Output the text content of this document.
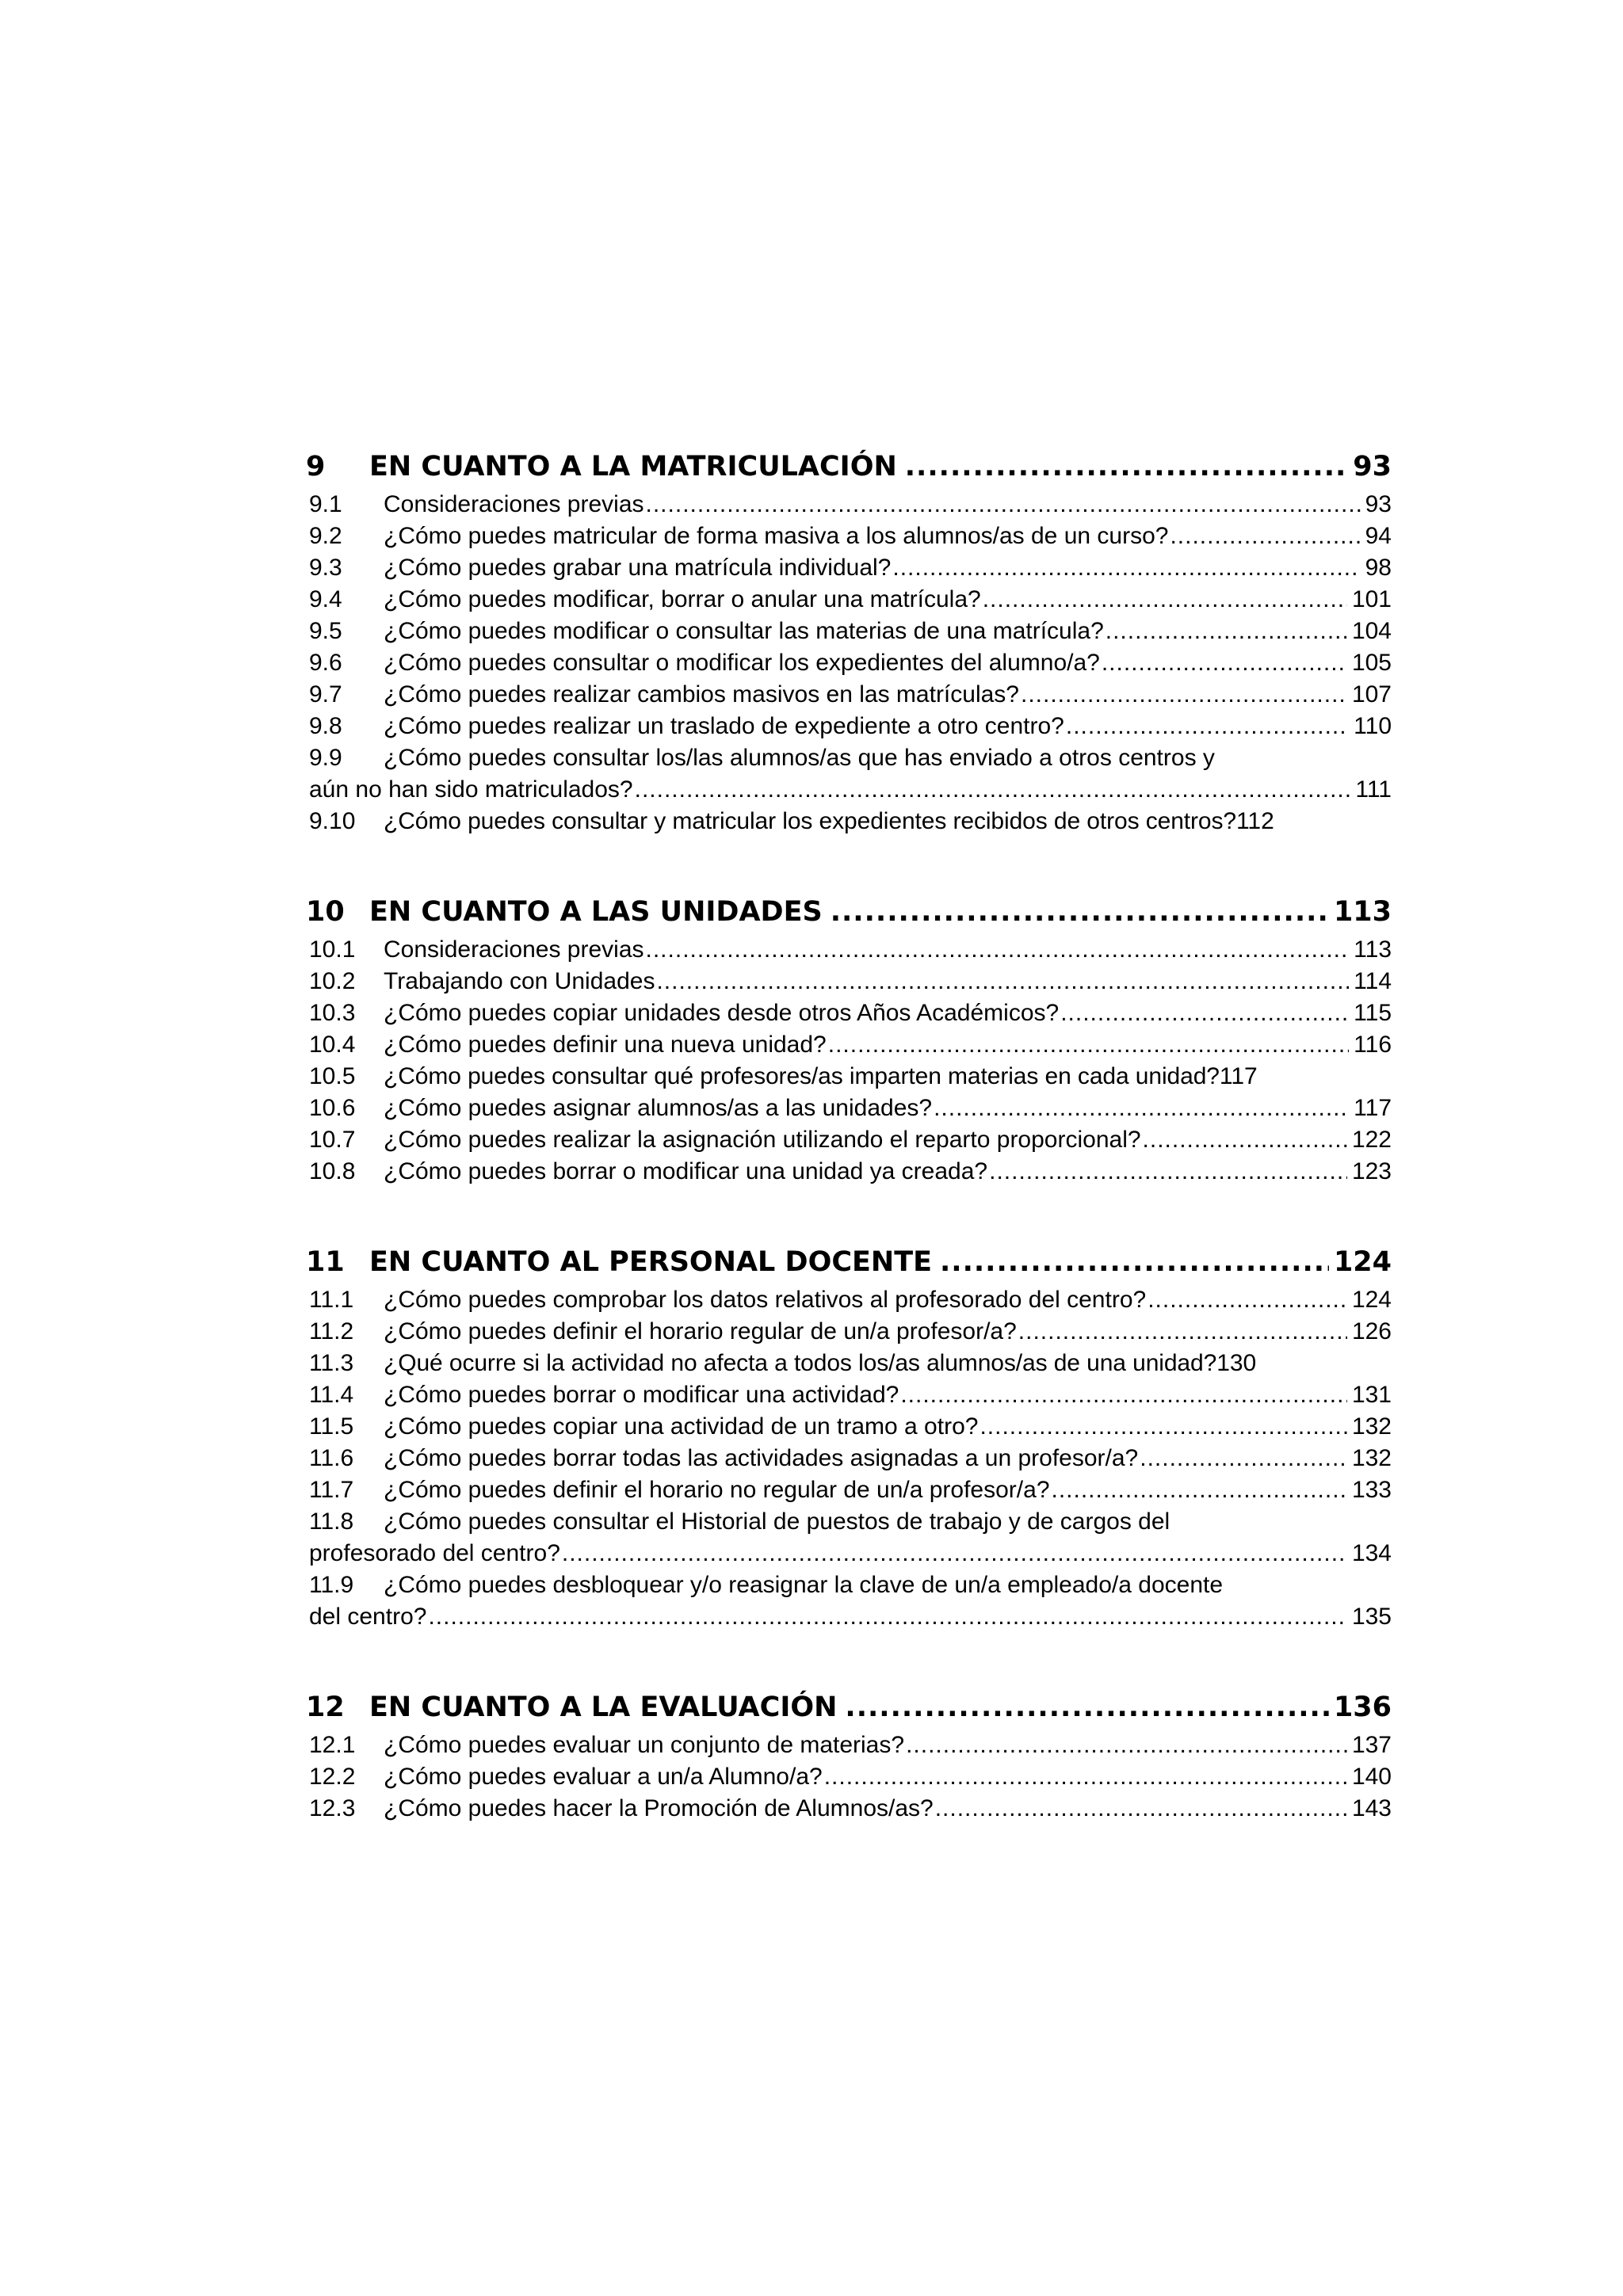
9	EN CUANTO A LA MATRICULACIÓN .....	93
9.1	Consideraciones previas .....	93
9.2	¿Cómo puedes matricular de forma masiva a los alumnos/as de un curso? .....	94
9.3	¿Cómo puedes grabar una matrícula individual? .....	98
9.4	¿Cómo puedes modificar, borrar o anular una matrícula? .....	101
9.5	¿Cómo puedes modificar o consultar las materias de una matrícula? .....	104
9.6	¿Cómo puedes consultar o modificar los expedientes del alumno/a? .....	105
9.7	¿Cómo puedes realizar cambios masivos en las matrículas? .....	107
9.8	¿Cómo puedes realizar un traslado de expediente a otro centro? .....	110
9.9	¿Cómo puedes consultar los/las alumnos/as que has enviado a otros centros y
aún no han sido matriculados? .....	111
9.10	¿Cómo puedes consultar y matricular los expedientes recibidos de otros centros? 112
10 EN CUANTO A LAS UNIDADES .....	113
10.1	Consideraciones previas .....	113
10.2	Trabajando con Unidades .....	114
10.3	¿Cómo puedes copiar unidades desde otros Años Académicos? .....	115
10.4	¿Cómo puedes definir una nueva unidad? .....	116
10.5	¿Cómo puedes consultar qué profesores/as imparten materias en cada unidad? 117
10.6	¿Cómo puedes asignar alumnos/as a las unidades? .....	117
10.7	¿Cómo puedes realizar la asignación utilizando el reparto proporcional? .....	122
10.8	¿Cómo puedes borrar o modificar una unidad ya creada? .....	123
11 EN CUANTO AL PERSONAL DOCENTE .....	124
11.1	¿Cómo puedes comprobar los datos relativos al profesorado del centro? .....	124
11.2	¿Cómo puedes definir el horario regular de un/a profesor/a? .....	126
11.3	¿Qué ocurre si la actividad no afecta a todos los/as alumnos/as de una unidad? 130
11.4	¿Cómo puedes borrar o modificar una actividad? .....	131
11.5	¿Cómo puedes copiar una actividad de un tramo a otro? .....	132
11.6	¿Cómo puedes borrar todas las actividades asignadas a un profesor/a? .....	132
11.7	¿Cómo puedes definir el horario no regular de un/a profesor/a? .....	133
11.8	¿Cómo puedes consultar el Historial de puestos de trabajo y de cargos del
profesorado del centro? .....	134
11.9	¿Cómo puedes desbloquear y/o reasignar la clave de un/a empleado/a docente
del centro? .....	135
12 EN CUANTO A LA EVALUACIÓN .....	136
12.1	¿Cómo puedes evaluar un conjunto de materias? .....	137
12.2	¿Cómo puedes evaluar a un/a Alumno/a? .....	140
12.3	¿Cómo puedes hacer la Promoción de Alumnos/as? .....	143
